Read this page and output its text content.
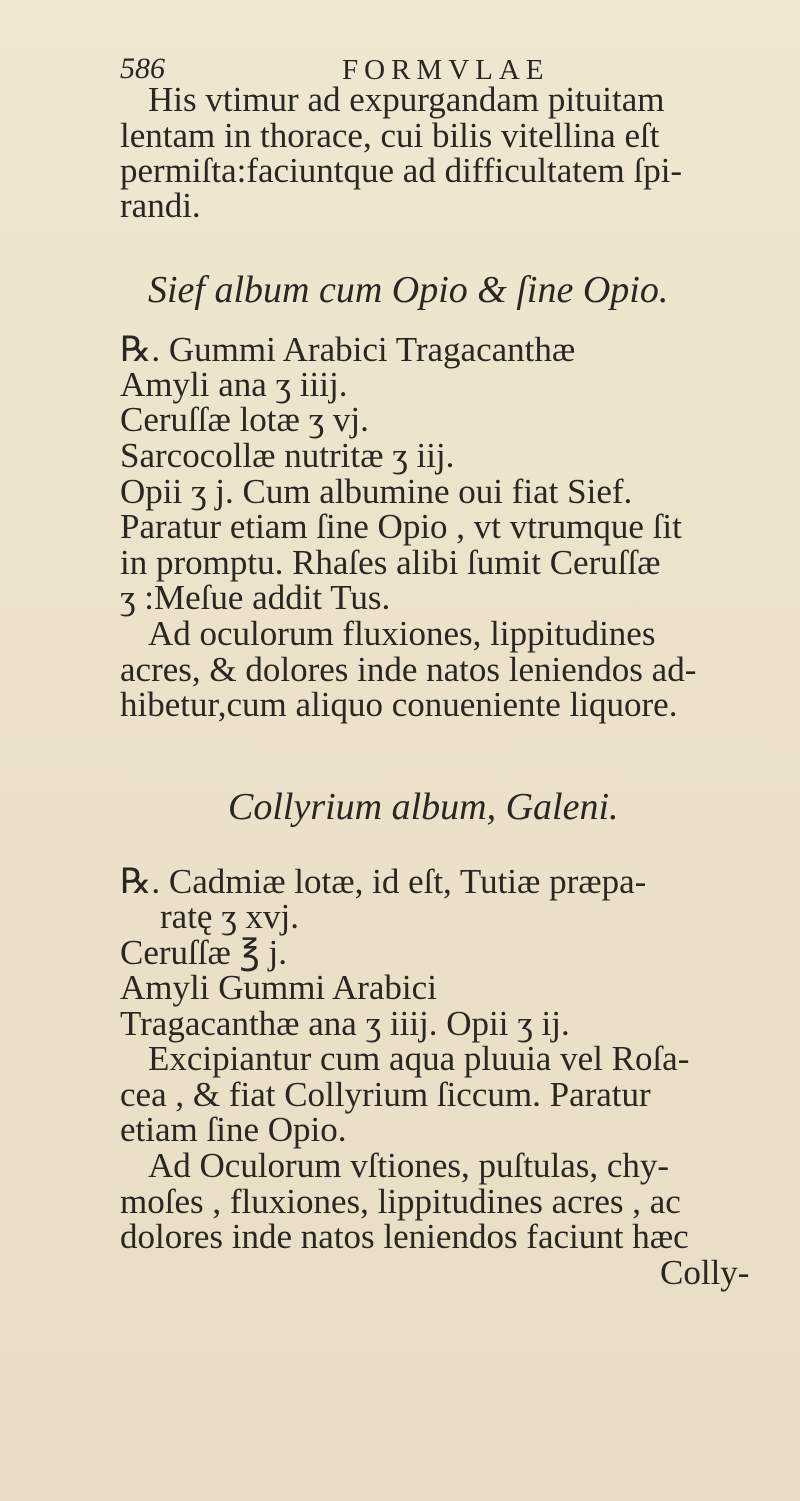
586	FORMVLAE
His vtimur ad expurgandam pituitam
lentam in thorace, cui bilis vitellina eſt
permiſta:faciuntque ad difficultatem ſpi-
randi.
Sief album cum Opio & ſine Opio.
℞. Gummi Arabici Tragacanthæ
Amyli ana ʒ iiij.
Ceruſſæ lotæ ʒ vj.
Sarcocollæ nutritæ ʒ iij.
Opii ʒ j. Cum albumine oui fiat Sief.
Paratur etiam ſine Opio , vt vtrumque ſit
in promptu. Rhaſes alibi ſumit Ceruſſæ
ʒ :Meſue addit Tus.
Ad oculorum fluxiones, lippitudines
acres, & dolores inde natos leniendos ad-
hibetur,cum aliquo conueniente liquore.
Collyrium album, Galeni.
℞. Cadmiæ lotæ, id eſt, Tutiæ præpa-
ratę ʒ xvj.
Ceruſſæ ℥ j.
Amyli Gummi Arabici
Tragacanthæ ana ʒ iiij. Opii ʒ ij.
Excipiantur cum aqua pluuia vel Roſa-
cea , & fiat Collyrium ſiccum. Paratur
etiam ſine Opio.
Ad Oculorum vſtiones, puſtulas, chy-
moſes , fluxiones, lippitudines acres , ac
dolores inde natos leniendos faciunt hæc
Colly-
